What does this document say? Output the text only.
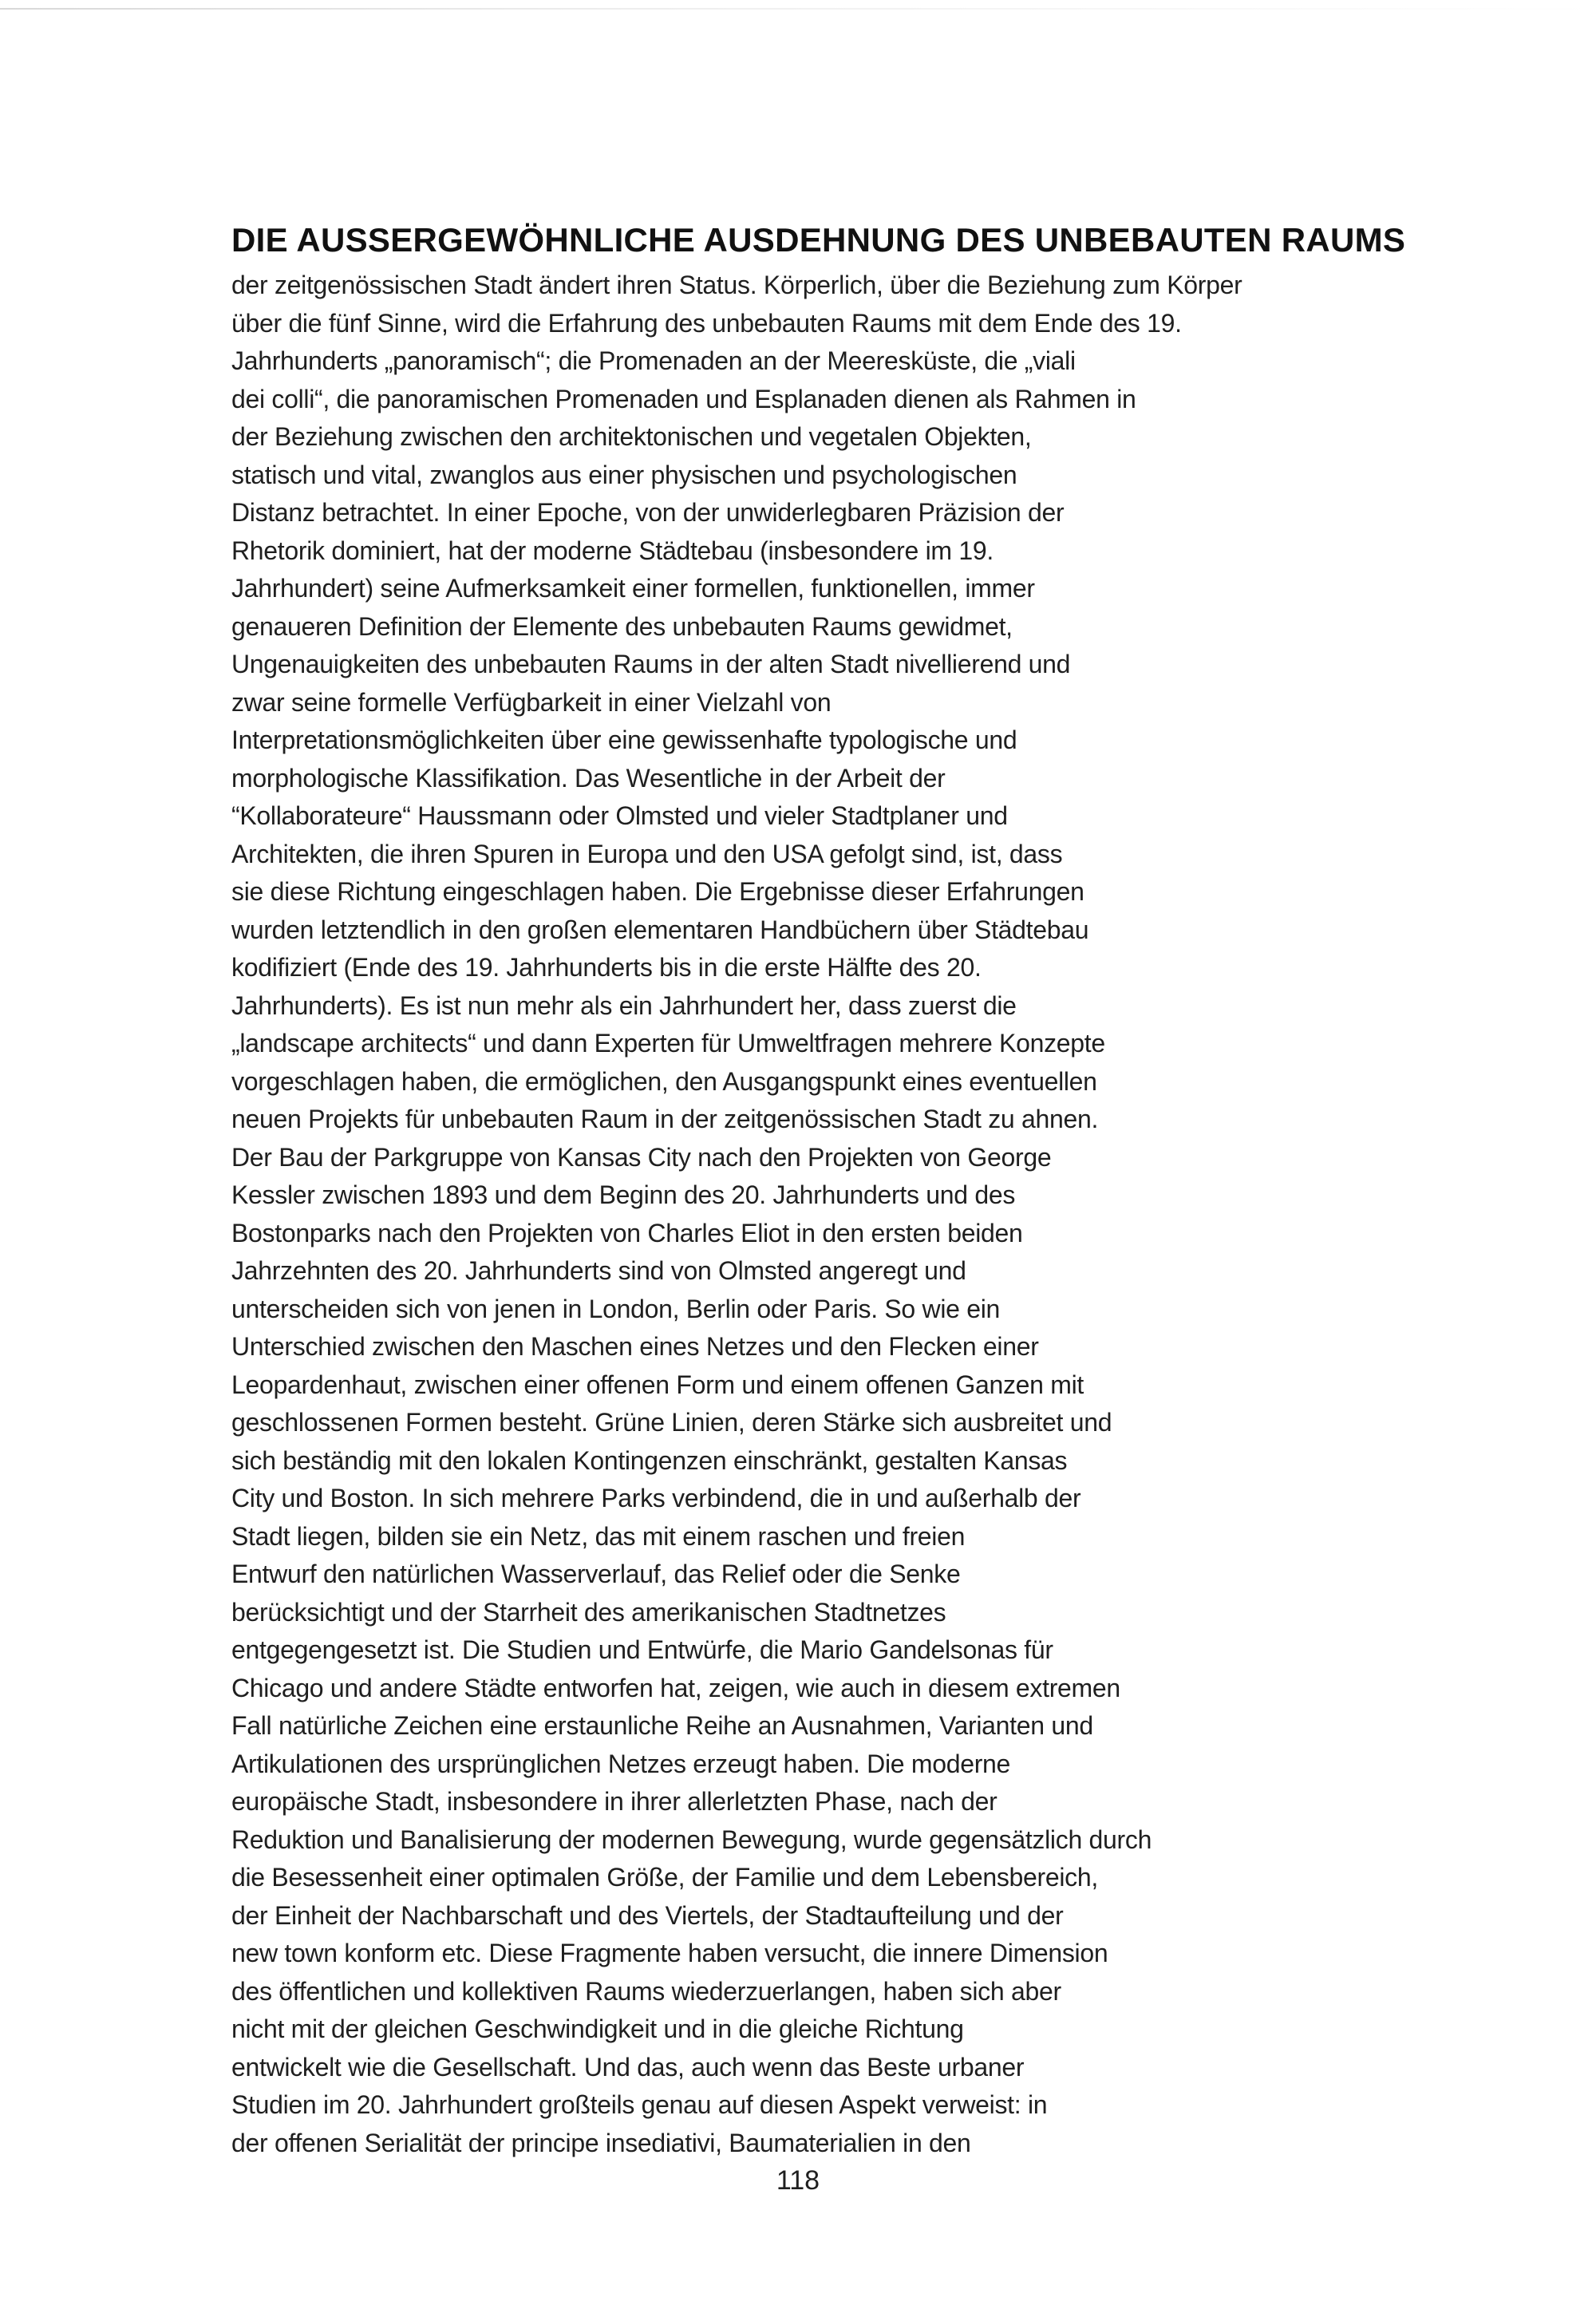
DIE AUSSERGEWÖHNLICHE AUSDEHNUNG DES UNBEBAUTEN RAUMS
der zeitgenössischen Stadt ändert ihren Status. Körperlich, über die Beziehung zum Körper
über die fünf Sinne, wird die Erfahrung des unbebauten Raums mit dem Ende des 19.
Jahrhunderts „panoramisch“; die Promenaden an der Meeresküste, die „viali
dei colli“, die panoramischen Promenaden und Esplanaden dienen als Rahmen in
der Beziehung zwischen den architektonischen und vegetalen Objekten,
statisch und vital, zwanglos aus einer physischen und psychologischen
Distanz betrachtet. In einer Epoche, von der unwiderlegbaren Präzision der
Rhetorik dominiert, hat der moderne Städtebau (insbesondere im 19.
Jahrhundert) seine Aufmerksamkeit einer formellen, funktionellen, immer
genaueren Definition der Elemente des unbebauten Raums gewidmet,
Ungenauigkeiten des unbebauten Raums in der alten Stadt nivellierend und
zwar seine formelle Verfügbarkeit in einer Vielzahl von
Interpretationsmöglichkeiten über eine gewissenhafte typologische und
morphologische Klassifikation. Das Wesentliche in der Arbeit der
“Kollaborateure“ Haussmann oder Olmsted und vieler Stadtplaner und
Architekten, die ihren Spuren in Europa und den USA gefolgt sind, ist, dass
sie diese Richtung eingeschlagen haben. Die Ergebnisse dieser Erfahrungen
wurden letztendlich in den großen elementaren Handbüchern über Städtebau
kodifiziert (Ende des 19. Jahrhunderts bis in die erste Hälfte des 20.
Jahrhunderts). Es ist nun mehr als ein Jahrhundert her, dass zuerst die
„landscape architects“ und dann Experten für Umweltfragen mehrere Konzepte
vorgeschlagen haben, die ermöglichen, den Ausgangspunkt eines eventuellen
neuen Projekts für unbebauten Raum in der zeitgenössischen Stadt zu ahnen.
Der Bau der Parkgruppe von Kansas City nach den Projekten von George
Kessler zwischen 1893 und dem Beginn des 20. Jahrhunderts und des
Bostonparks nach den Projekten von Charles Eliot in den ersten beiden
Jahrzehnten des 20. Jahrhunderts sind von Olmsted angeregt und
unterscheiden sich von jenen in London, Berlin oder Paris. So wie ein
Unterschied zwischen den Maschen eines Netzes und den Flecken einer
Leopardenhaut, zwischen einer offenen Form und einem offenen Ganzen mit
geschlossenen Formen besteht. Grüne Linien, deren Stärke sich ausbreitet und
sich beständig mit den lokalen Kontingenzen einschränkt, gestalten Kansas
City und Boston. In sich mehrere Parks verbindend, die in und außerhalb der
Stadt liegen, bilden sie ein Netz, das mit einem raschen und freien
Entwurf den natürlichen Wasserverlauf, das Relief oder die Senke
berücksichtigt und der Starrheit des amerikanischen Stadtnetzes
entgegengesetzt ist. Die Studien und Entwürfe, die Mario Gandelsonas für
Chicago und andere Städte entworfen hat, zeigen, wie auch in diesem extremen
Fall natürliche Zeichen eine erstaunliche Reihe an Ausnahmen, Varianten und
Artikulationen des ursprünglichen Netzes erzeugt haben. Die moderne
europäische Stadt, insbesondere in ihrer allerletzten Phase, nach der
Reduktion und Banalisierung der modernen Bewegung, wurde gegensätzlich durch
die Besessenheit einer optimalen Größe, der Familie und dem Lebensbereich,
der Einheit der Nachbarschaft und des Viertels, der Stadtaufteilung und der
new town konform etc. Diese Fragmente haben versucht, die innere Dimension
des öffentlichen und kollektiven Raums wiederzuerlangen, haben sich aber
nicht mit der gleichen Geschwindigkeit und in die gleiche Richtung
entwickelt wie die Gesellschaft. Und das, auch wenn das Beste urbaner
Studien im 20. Jahrhundert großteils genau auf diesen Aspekt verweist: in
der offenen Serialität der principe insediativi, Baumaterialien in den
118
